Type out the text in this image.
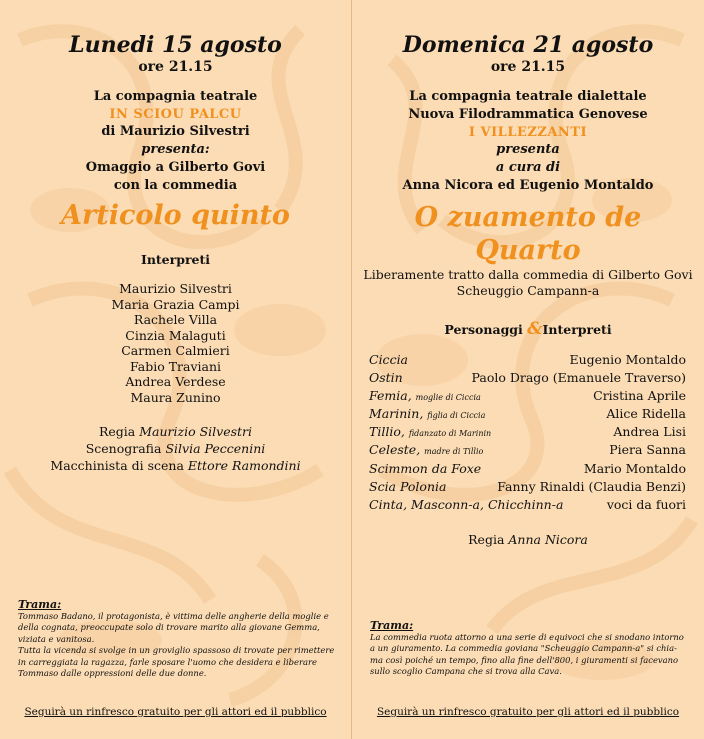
Lunedi 15 agosto
ore 21.15
La compagnia teatrale
IN SCIOU PALCU
di Maurizio Silvestri
presenta:
Omaggio a Gilberto Govi
con la commedia
Articolo quinto
Interpreti
Maurizio Silvestri
Maria Grazia Campi
Rachele Villa
Cinzia Malaguti
Carmen Calmieri
Fabio Traviani
Andrea Verdese
Maura Zunino
Regia Maurizio Silvestri
Scenografia Silvia Peccenini
Macchinista di scena Ettore Ramondini
Trama:
Tommaso Badano, il protagonista, è vittima delle angherie della moglie e
della cognata, preoccupate solo di trovare marito alla giovane Gemma,
viziata e vanitosa.
Tutta la vicenda si svolge in un groviglio spassoso di trovate per rimettere
in carreggiata la ragazza, farle sposare l'uomo che desidera e liberare
Tommaso dalle oppressioni delle due donne.
Seguirà un rinfresco gratuito per gli attori ed il pubblico
Domenica 21 agosto
ore 21.15
La compagnia teatrale dialettale
Nuova Filodrammatica Genovese
I VILLEZZANTI
presenta
a cura di
Anna Nicora ed Eugenio Montaldo
O zuamento de
Quarto
Liberamente tratto dalla commedia di Gilberto Govi
Scheuggio Campann-a
Personaggi &Interpreti
Ciccia	Eugenio Montaldo
Ostin	Paolo Drago (Emanuele Traverso)
Femia, moglie di Ciccia	Cristina Aprile
Marinin, figlia di Ciccia	Alice Ridella
Tillio, fidanzato di Marinin	Andrea Lisi
Celeste, madre di Tillio	Piera Sanna
Scimmon da Foxe	Mario Montaldo
Scia Polonia	Fanny Rinaldi (Claudia Benzi)
Cinta, Masconn-a, Chicchinn-a	voci da fuori
Regia Anna Nicora
Trama:
La commedia ruota attorno a una serie di equivoci che si snodano intorno
a un giuramento. La commedia goviana "Scheuggio Campann-a" si chia-
ma così poiché un tempo, fino alla fine dell'800, i giuramenti si facevano
sullo scoglio Campana che si trova alla Cava.
Seguirà un rinfresco gratuito per gli attori ed il pubblico
